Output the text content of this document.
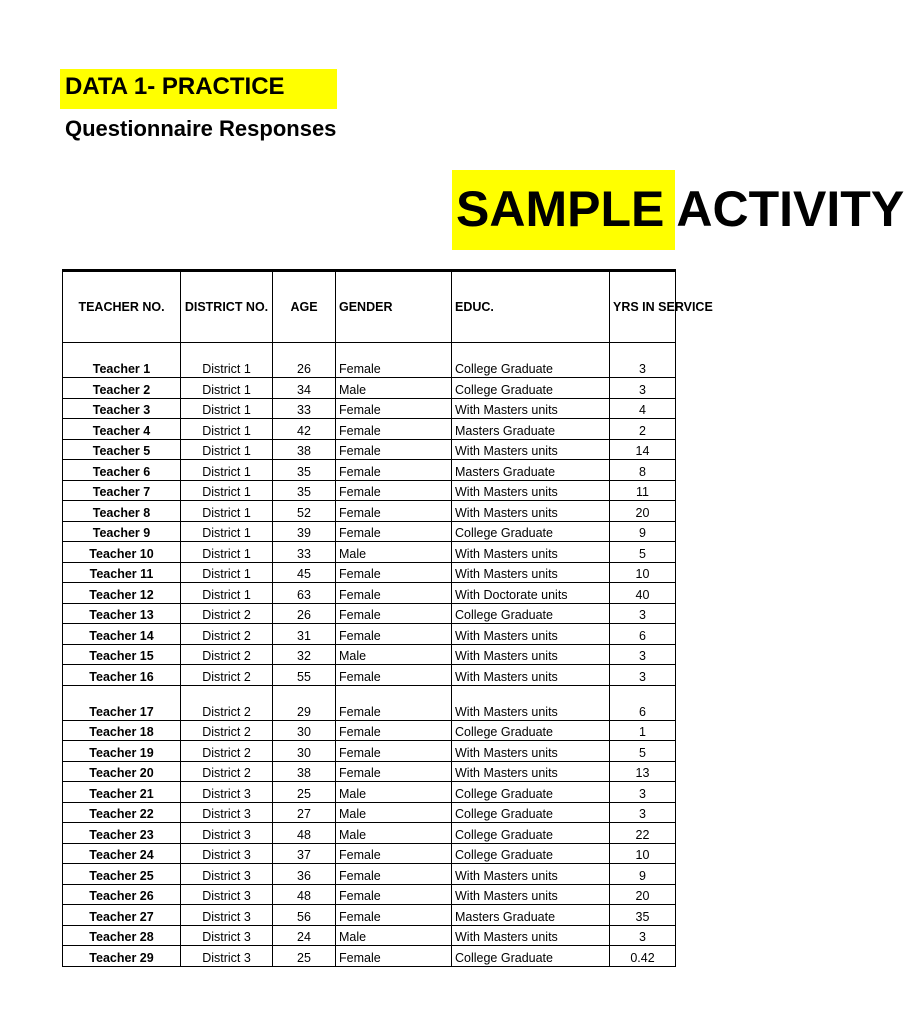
DATA 1- PRACTICE
Questionnaire Responses
SAMPLE ACTIVITY
TEACHER NO.	DISTRICT NO.	AGE	GENDER	EDUC.	YRS IN SERVICE
Teacher 1	District 1	26	Female	College Graduate	3
Teacher 2	District 1	34	Male	College Graduate	3
Teacher 3	District 1	33	Female	With Masters units	4
Teacher 4	District 1	42	Female	Masters Graduate	2
Teacher 5	District 1	38	Female	With Masters units	14
Teacher 6	District 1	35	Female	Masters Graduate	8
Teacher 7	District 1	35	Female	With Masters units	11
Teacher 8	District 1	52	Female	With Masters units	20
Teacher 9	District 1	39	Female	College Graduate	9
Teacher 10	District 1	33	Male	With Masters units	5
Teacher 11	District 1	45	Female	With Masters units	10
Teacher 12	District 1	63	Female	With Doctorate units	40
Teacher 13	District 2	26	Female	College Graduate	3
Teacher 14	District 2	31	Female	With Masters units	6
Teacher 15	District 2	32	Male	With Masters units	3
Teacher 16	District 2	55	Female	With Masters units	3
Teacher 17	District 2	29	Female	With Masters units	6
Teacher 18	District 2	30	Female	College Graduate	1
Teacher 19	District 2	30	Female	With Masters units	5
Teacher 20	District 2	38	Female	With Masters units	13
Teacher 21	District 3	25	Male	College Graduate	3
Teacher 22	District 3	27	Male	College Graduate	3
Teacher 23	District 3	48	Male	College Graduate	22
Teacher 24	District 3	37	Female	College Graduate	10
Teacher 25	District 3	36	Female	With Masters units	9
Teacher 26	District 3	48	Female	With Masters units	20
Teacher 27	District 3	56	Female	Masters Graduate	35
Teacher 28	District 3	24	Male	With Masters units	3
Teacher 29	District 3	25	Female	College Graduate	0.42
